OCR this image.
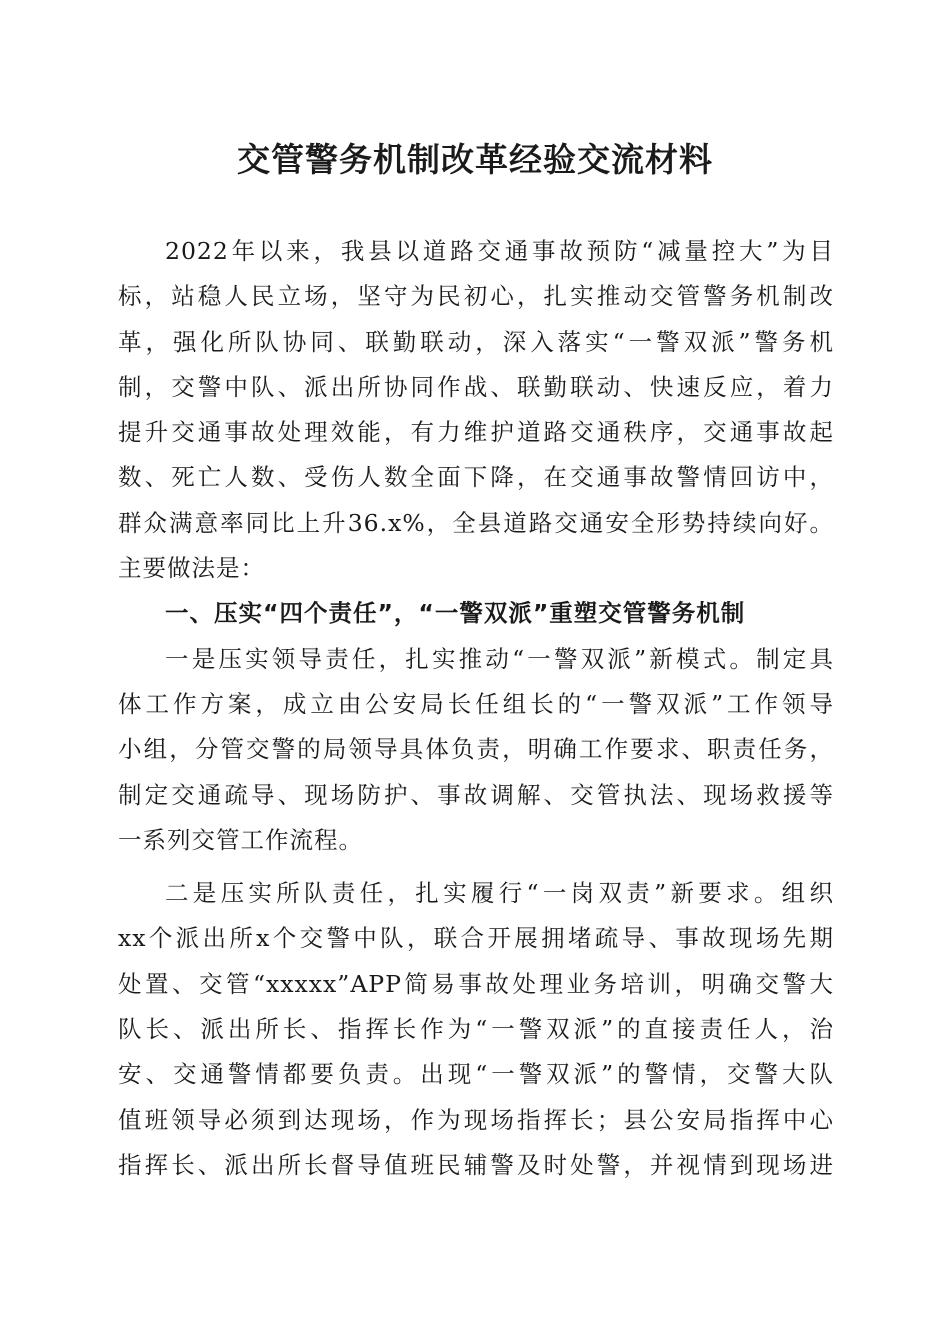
交管警务机制改革经验交流材料
2022年以来，我县以道路交通事故预防“减量控大”为目
标，站稳人民立场，坚守为民初心，扎实推动交管警务机制改
革，强化所队协同、联勤联动，深入落实“一警双派”警务机
制，交警中队、派出所协同作战、联勤联动、快速反应，着力
提升交通事故处理效能，有力维护道路交通秩序，交通事故起
数、死亡人数、受伤人数全面下降，在交通事故警情回访中，
群众满意率同比上升36.x%，全县道路交通安全形势持续向好。
主要做法是：
一、压实“四个责任”，“一警双派”重塑交管警务机制
一是压实领导责任，扎实推动“一警双派”新模式。制定具
体工作方案，成立由公安局长任组长的“一警双派”工作领导
小组，分管交警的局领导具体负责，明确工作要求、职责任务，
制定交通疏导、现场防护、事故调解、交管执法、现场救援等
一系列交管工作流程。
二是压实所队责任，扎实履行“一岗双责”新要求。组织
xx个派出所x个交警中队，联合开展拥堵疏导、事故现场先期
处置、交管“xxxxx”APP简易事故处理业务培训，明确交警大
队长、派出所长、指挥长作为“一警双派”的直接责任人，治
安、交通警情都要负责。出现“一警双派”的警情，交警大队
值班领导必须到达现场，作为现场指挥长；县公安局指挥中心
指挥长、派出所长督导值班民辅警及时处警，并视情到现场进
